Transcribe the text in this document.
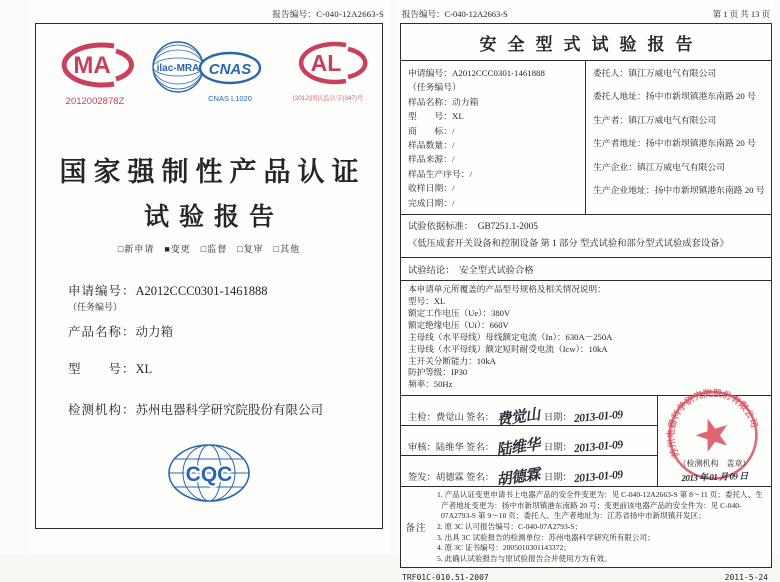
报告编号：C-040-12A2663-S
MA
2012002878Z
ilac-MRA CNAS
CNAS L1020
AL
(2012)国认监认字(347)号
国家强制性产品认证
试验报告
□新申请　■变更　□监督　□复审　□其他
申请编号：A2012CCC0301-1461888
（任务编号）
产品名称：动力箱
型　　号：XL
检测机构：苏州电器科学研究院股份有限公司
CQC
报告编号：C-040-12A2663-S	第 1 页 共 13 页
安全型式试验报告
申请编号：A2012CCC0301-1461888
（任务编号）
样品名称：动力箱
型　　号：XL
商　　标：/
样品数量：/
样品来源：/
样品生产序号：/
收样日期：/
完成日期：/
委托人：镇江万威电气有限公司
委托人地址：扬中市新坝镇港东南路 20 号
生产者：镇江万威电气有限公司
生产者地址：扬中市新坝镇港东南路 20 号
生产企业：镇江万威电气有限公司
生产企业地址：扬中市新坝镇港东南路 20 号
试验依据标准：　GB7251.1-2005
《低压成套开关设备和控制设备 第 1 部分 型式试验和部分型式试验成套设备》
试验结论：　安全型式试验合格
本申请单元所覆盖的产品型号规格及相关情况说明：
型号：XL
额定工作电压（Ue）：380V
额定绝缘电压（Ui）：660V
主母线（水平母线）母线额定电流（In）：630A－250A
主母线（水平母线）额定短时耐受电流（Icw）：10kA
主开关分断能力：10kA
防护等级：IP30
频率：50Hz
主检：费觉山 签名： 费觉山 日期： 2013-01-09
审核：陆维华 签名： 陆维华 日期： 2013-01-09
签发：胡德霖 签名： 胡德霖 日期： 2013-01-09
苏州电器科学研究院股份有限公司
（检测机构　盖章）
2013 年 01 月 09 日
备注
1. 产品认证变更申请书上电器产品的安全件变更为：见 C-040-12A2663-S 第 8～11 页；委托人、生产者地址变更为：扬中市新坝镇港东南路 20 号；变更前该电器产品的安全件为：见 C-040-07A2793-S 第 9～10 页；委托人、生产者地址为：江苏省扬中市新坝镇开发区；
2. 原 3C 认可报告编号：C-040-07A2793-S；
3. 出具 3C 试验报告的检测单位：苏州电器科学研究所有限公司；
4. 原 3C 证书编号：2005010301143372；
5. 此确认试验报告与原试验报告合并使用方为有效。
TRF01C-010.51-2007	2011-5-24
